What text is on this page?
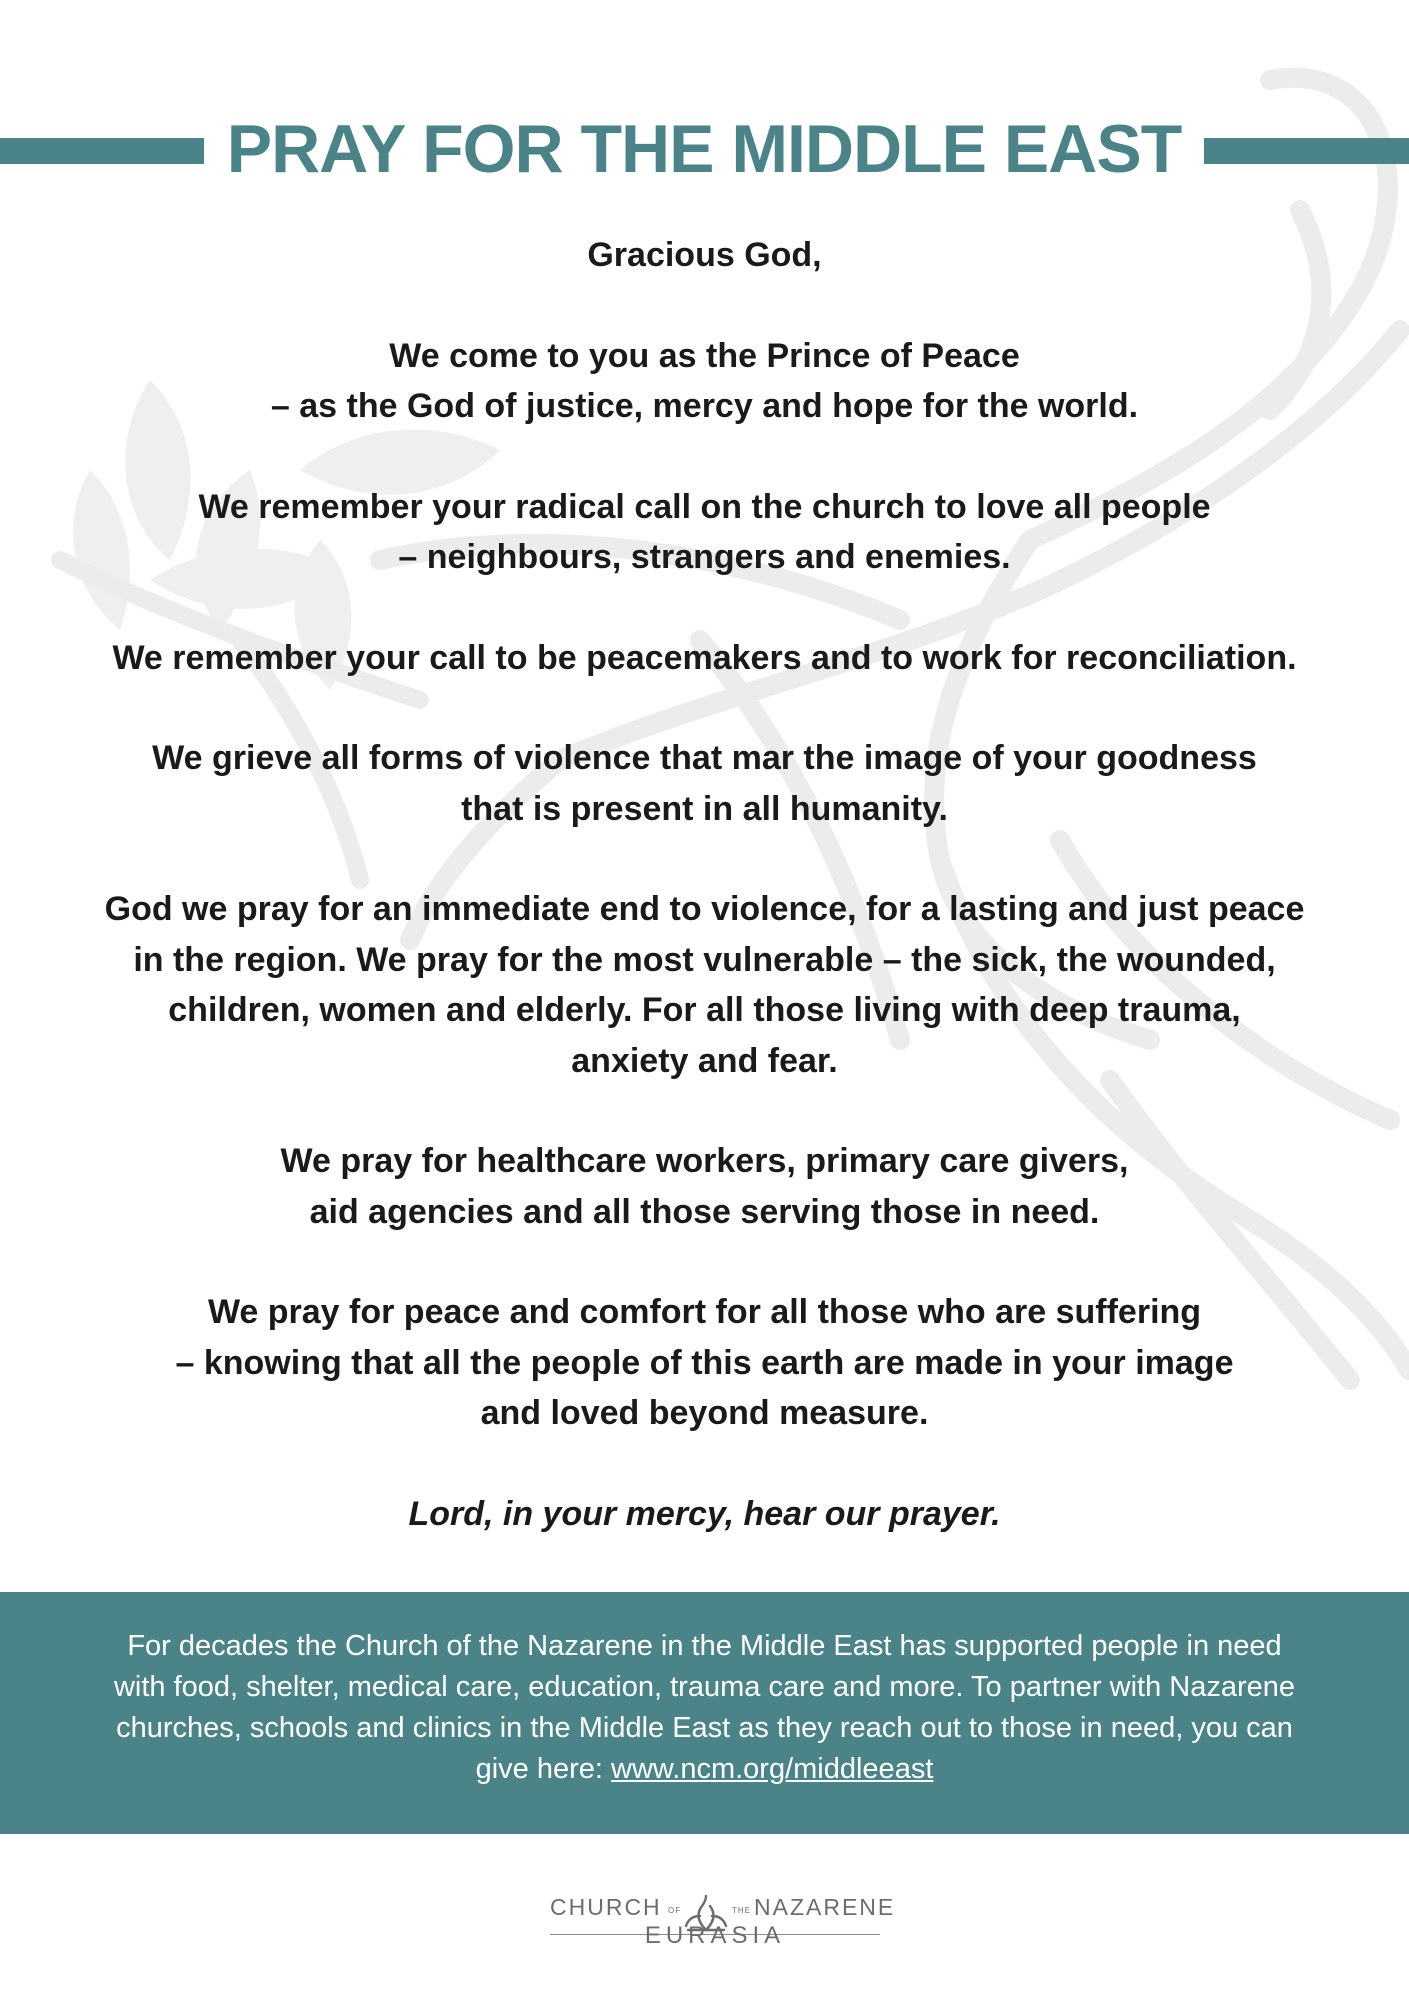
PRAY FOR THE MIDDLE EAST

Gracious God,

We come to you as the Prince of Peace
– as the God of justice, mercy and hope for the world.

We remember your radical call on the church to love all people
– neighbours, strangers and enemies.

We remember your call to be peacemakers and to work for reconciliation.

We grieve all forms of violence that mar the image of your goodness
that is present in all humanity.

God we pray for an immediate end to violence, for a lasting and just peace
in the region. We pray for the most vulnerable – the sick, the wounded,
children, women and elderly. For all those living with deep trauma,
anxiety and fear.

We pray for healthcare workers, primary care givers,
aid agencies and all those serving those in need.

We pray for peace and comfort for all those who are suffering
– knowing that all the people of this earth are made in your image
and loved beyond measure.

Lord, in your mercy, hear our prayer.

For decades the Church of the Nazarene in the Middle East has supported people in need
with food, shelter, medical care, education, trauma care and more. To partner with Nazarene
churches, schools and clinics in the Middle East as they reach out to those in need, you can
give here: www.ncm.org/middleeast

CHURCH OF	THE NAZARENE
EURASIA
